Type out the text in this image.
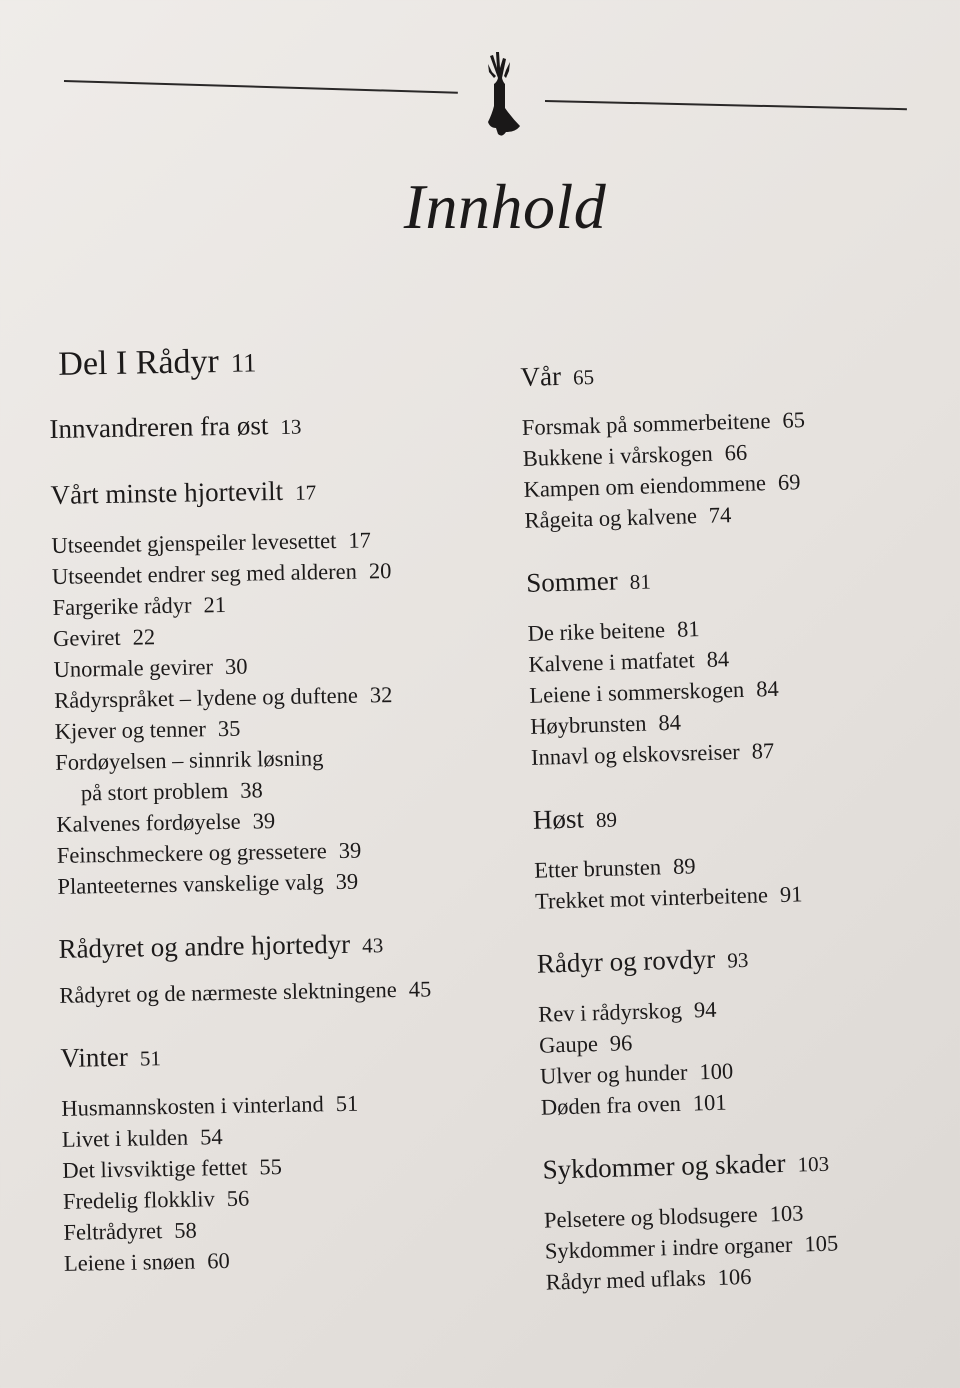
Innhold
Del I Rådyr 11
Innvandreren fra øst 13
Vårt minste hjortevilt 17
Utseendet gjenspeiler levesettet 17
Utseendet endrer seg med alderen 20
Fargerike rådyr 21
Geviret 22
Unormale gevirer 30
Rådyrspråket – lydene og duftene 32
Kjever og tenner 35
Fordøyelsen – sinnrik løsning
på stort problem 38
Kalvenes fordøyelse 39
Feinschmeckere og gressetere 39
Planteeternes vanskelige valg 39
Rådyret og andre hjortedyr 43
Rådyret og de nærmeste slektningene 45
Vinter 51
Husmannskosten i vinterland 51
Livet i kulden 54
Det livsviktige fettet 55
Fredelig flokkliv 56
Feltrådyret 58
Leiene i snøen 60
Vår 65
Forsmak på sommerbeitene 65
Bukkene i vårskogen 66
Kampen om eiendommene 69
Rågeita og kalvene 74
Sommer 81
De rike beitene 81
Kalvene i matfatet 84
Leiene i sommerskogen 84
Høybrunsten 84
Innavl og elskovsreiser 87
Høst 89
Etter brunsten 89
Trekket mot vinterbeitene 91
Rådyr og rovdyr 93
Rev i rådyrskog 94
Gaupe 96
Ulver og hunder 100
Døden fra oven 101
Sykdommer og skader 103
Pelsetere og blodsugere 103
Sykdommer i indre organer 105
Rådyr med uflaks 106
